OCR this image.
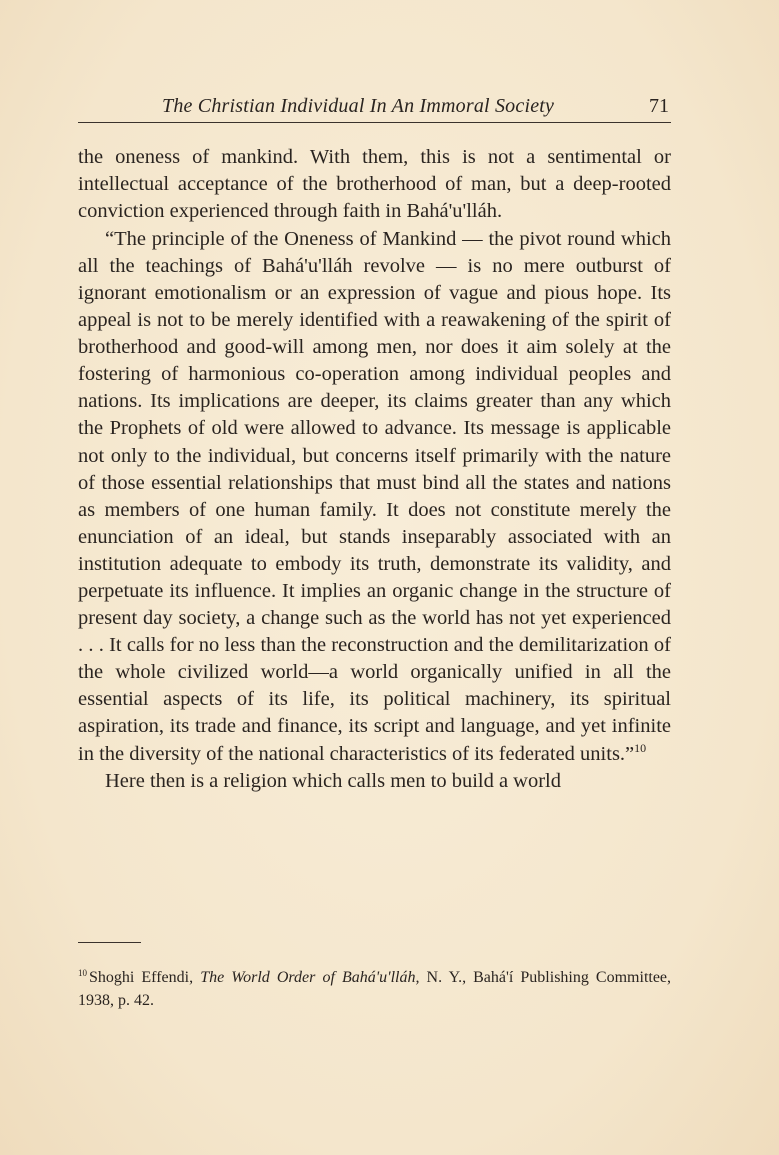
The Christian Individual In An Immoral Society	71

the oneness of mankind. With them, this is not a sentimental or intellectual acceptance of the brotherhood of man, but a deep-rooted conviction experienced through faith in Bahá'u'lláh.

“The principle of the Oneness of Mankind — the pivot round which all the teachings of Bahá'u'lláh revolve — is no mere outburst of ignorant emotionalism or an expression of vague and pious hope. Its appeal is not to be merely identified with a reawakening of the spirit of brotherhood and good-will among men, nor does it aim solely at the fostering of harmonious co-operation among individual peoples and nations. Its implications are deeper, its claims greater than any which the Prophets of old were allowed to advance. Its message is applicable not only to the individual, but concerns itself primarily with the nature of those essential relationships that must bind all the states and nations as members of one human family. It does not constitute merely the enunciation of an ideal, but stands inseparably associated with an institution adequate to embody its truth, demonstrate its validity, and perpetuate its influence. It implies an organic change in the structure of present day society, a change such as the world has not yet experienced . . . It calls for no less than the reconstruction and the demilitarization of the whole civilized world—a world organically unified in all the essential aspects of its life, its political machinery, its spiritual aspiration, its trade and finance, its script and language, and yet infinite in the diversity of the national characteristics of its federated units.”$^{10}$

Here then is a religion which calls men to build a world

$^{10}$ Shoghi Effendi, The World Order of Bahá'u'lláh, N. Y., Bahá'í Publishing Committee, 1938, p. 42.
